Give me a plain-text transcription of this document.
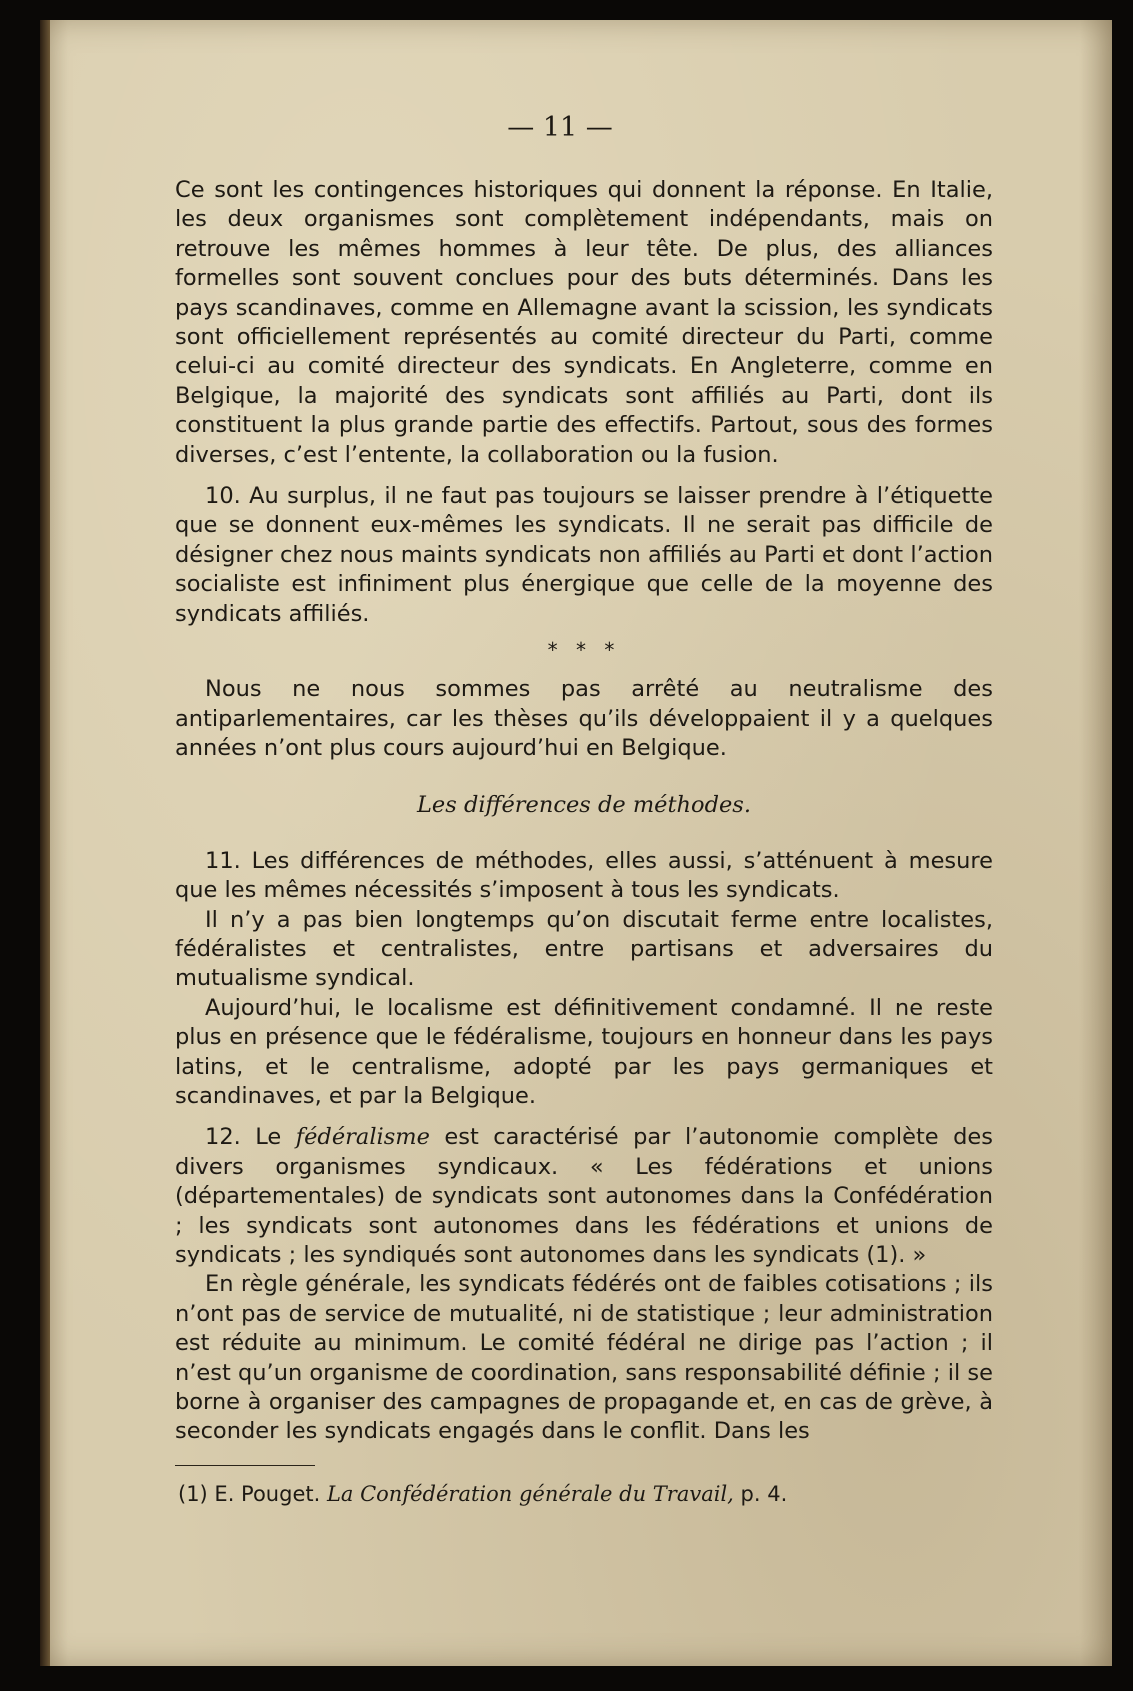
— 11 —

Ce sont les contingences historiques qui donnent la réponse. En Italie, les deux organismes sont complètement indépendants, mais on retrouve les mêmes hommes à leur tête. De plus, des alliances formelles sont souvent conclues pour des buts déterminés. Dans les pays scandinaves, comme en Allemagne avant la scission, les syndicats sont officiellement représentés au comité directeur du Parti, comme celui-ci au comité directeur des syndicats. En Angleterre, comme en Belgique, la majorité des syndicats sont affiliés au Parti, dont ils constituent la plus grande partie des effectifs. Partout, sous des formes diverses, c’est l’entente, la collaboration ou la fusion.

10. Au surplus, il ne faut pas toujours se laisser prendre à l’étiquette que se donnent eux-mêmes les syndicats. Il ne serait pas difficile de désigner chez nous maints syndicats non affiliés au Parti et dont l’action socialiste est infiniment plus énergique que celle de la moyenne des syndicats affiliés.

* * *

Nous ne nous sommes pas arrêté au neutralisme des antiparlementaires, car les thèses qu’ils développaient il y a quelques années n’ont plus cours aujourd’hui en Belgique.

Les différences de méthodes.

11. Les différences de méthodes, elles aussi, s’atténuent à mesure que les mêmes nécessités s’imposent à tous les syndicats.

Il n’y a pas bien longtemps qu’on discutait ferme entre localistes, fédéralistes et centralistes, entre partisans et adversaires du mutualisme syndical.

Aujourd’hui, le localisme est définitivement condamné. Il ne reste plus en présence que le fédéralisme, toujours en honneur dans les pays latins, et le centralisme, adopté par les pays germaniques et scandinaves, et par la Belgique.

12. Le fédéralisme est caractérisé par l’autonomie complète des divers organismes syndicaux. « Les fédérations et unions (départementales) de syndicats sont autonomes dans la Confédération ; les syndicats sont autonomes dans les fédérations et unions de syndicats ; les syndiqués sont autonomes dans les syndicats (1). »

En règle générale, les syndicats fédérés ont de faibles cotisations ; ils n’ont pas de service de mutualité, ni de statistique ; leur administration est réduite au minimum. Le comité fédéral ne dirige pas l’action ; il n’est qu’un organisme de coordination, sans responsabilité définie ; il se borne à organiser des campagnes de propagande et, en cas de grève, à seconder les syndicats engagés dans le conflit. Dans les

(1) E. Pouget. La Confédération générale du Travail, p. 4.
